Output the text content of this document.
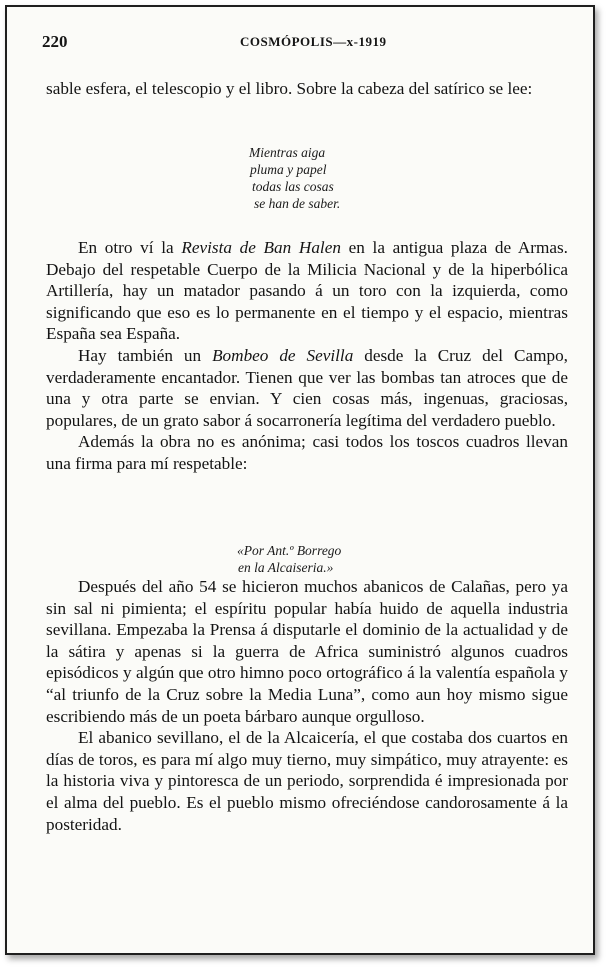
220	COSMÓPOLIS—x-1919

sable esfera, el telescopio y el libro. Sobre la cabeza del satírico se lee:

Mientras aiga
pluma y papel
todas las cosas
se han de saber.

En otro ví la Revista de Ban Halen en la antigua plaza de Armas. Debajo del respetable Cuerpo de la Milicia Nacional y de la hiperbólica Artillería, hay un matador pasando á un toro con la izquierda, como significando que eso es lo permanente en el tiempo y el espacio, mientras España sea España.

Hay también un Bombeo de Sevilla desde la Cruz del Campo, verdaderamente encantador. Tienen que ver las bombas tan atroces que de una y otra parte se envian. Y cien cosas más, ingenuas, graciosas, populares, de un grato sabor á socarronería legítima del verdadero pueblo.

Además la obra no es anónima; casi todos los toscos cuadros llevan una firma para mí respetable:

«Por Ant.º Borrego
en la Alcaiseria.»

Después del año 54 se hicieron muchos abanicos de Calañas, pero ya sin sal ni pimienta; el espíritu popular había huido de aquella industria sevillana. Empezaba la Prensa á disputarle el dominio de la actualidad y de la sátira y apenas si la guerra de Africa suministró algunos cuadros episódicos y algún que otro himno poco ortográfico á la valentía española y “al triunfo de la Cruz sobre la Media Luna”, como aun hoy mismo sigue escribiendo más de un poeta bárbaro aunque orgulloso.

El abanico sevillano, el de la Alcaicería, el que costaba dos cuartos en días de toros, es para mí algo muy tierno, muy simpático, muy atrayente: es la historia viva y pintoresca de un periodo, sorprendida é impresionada por el alma del pueblo. Es el pueblo mismo ofreciéndose candorosamente á la posteridad.
